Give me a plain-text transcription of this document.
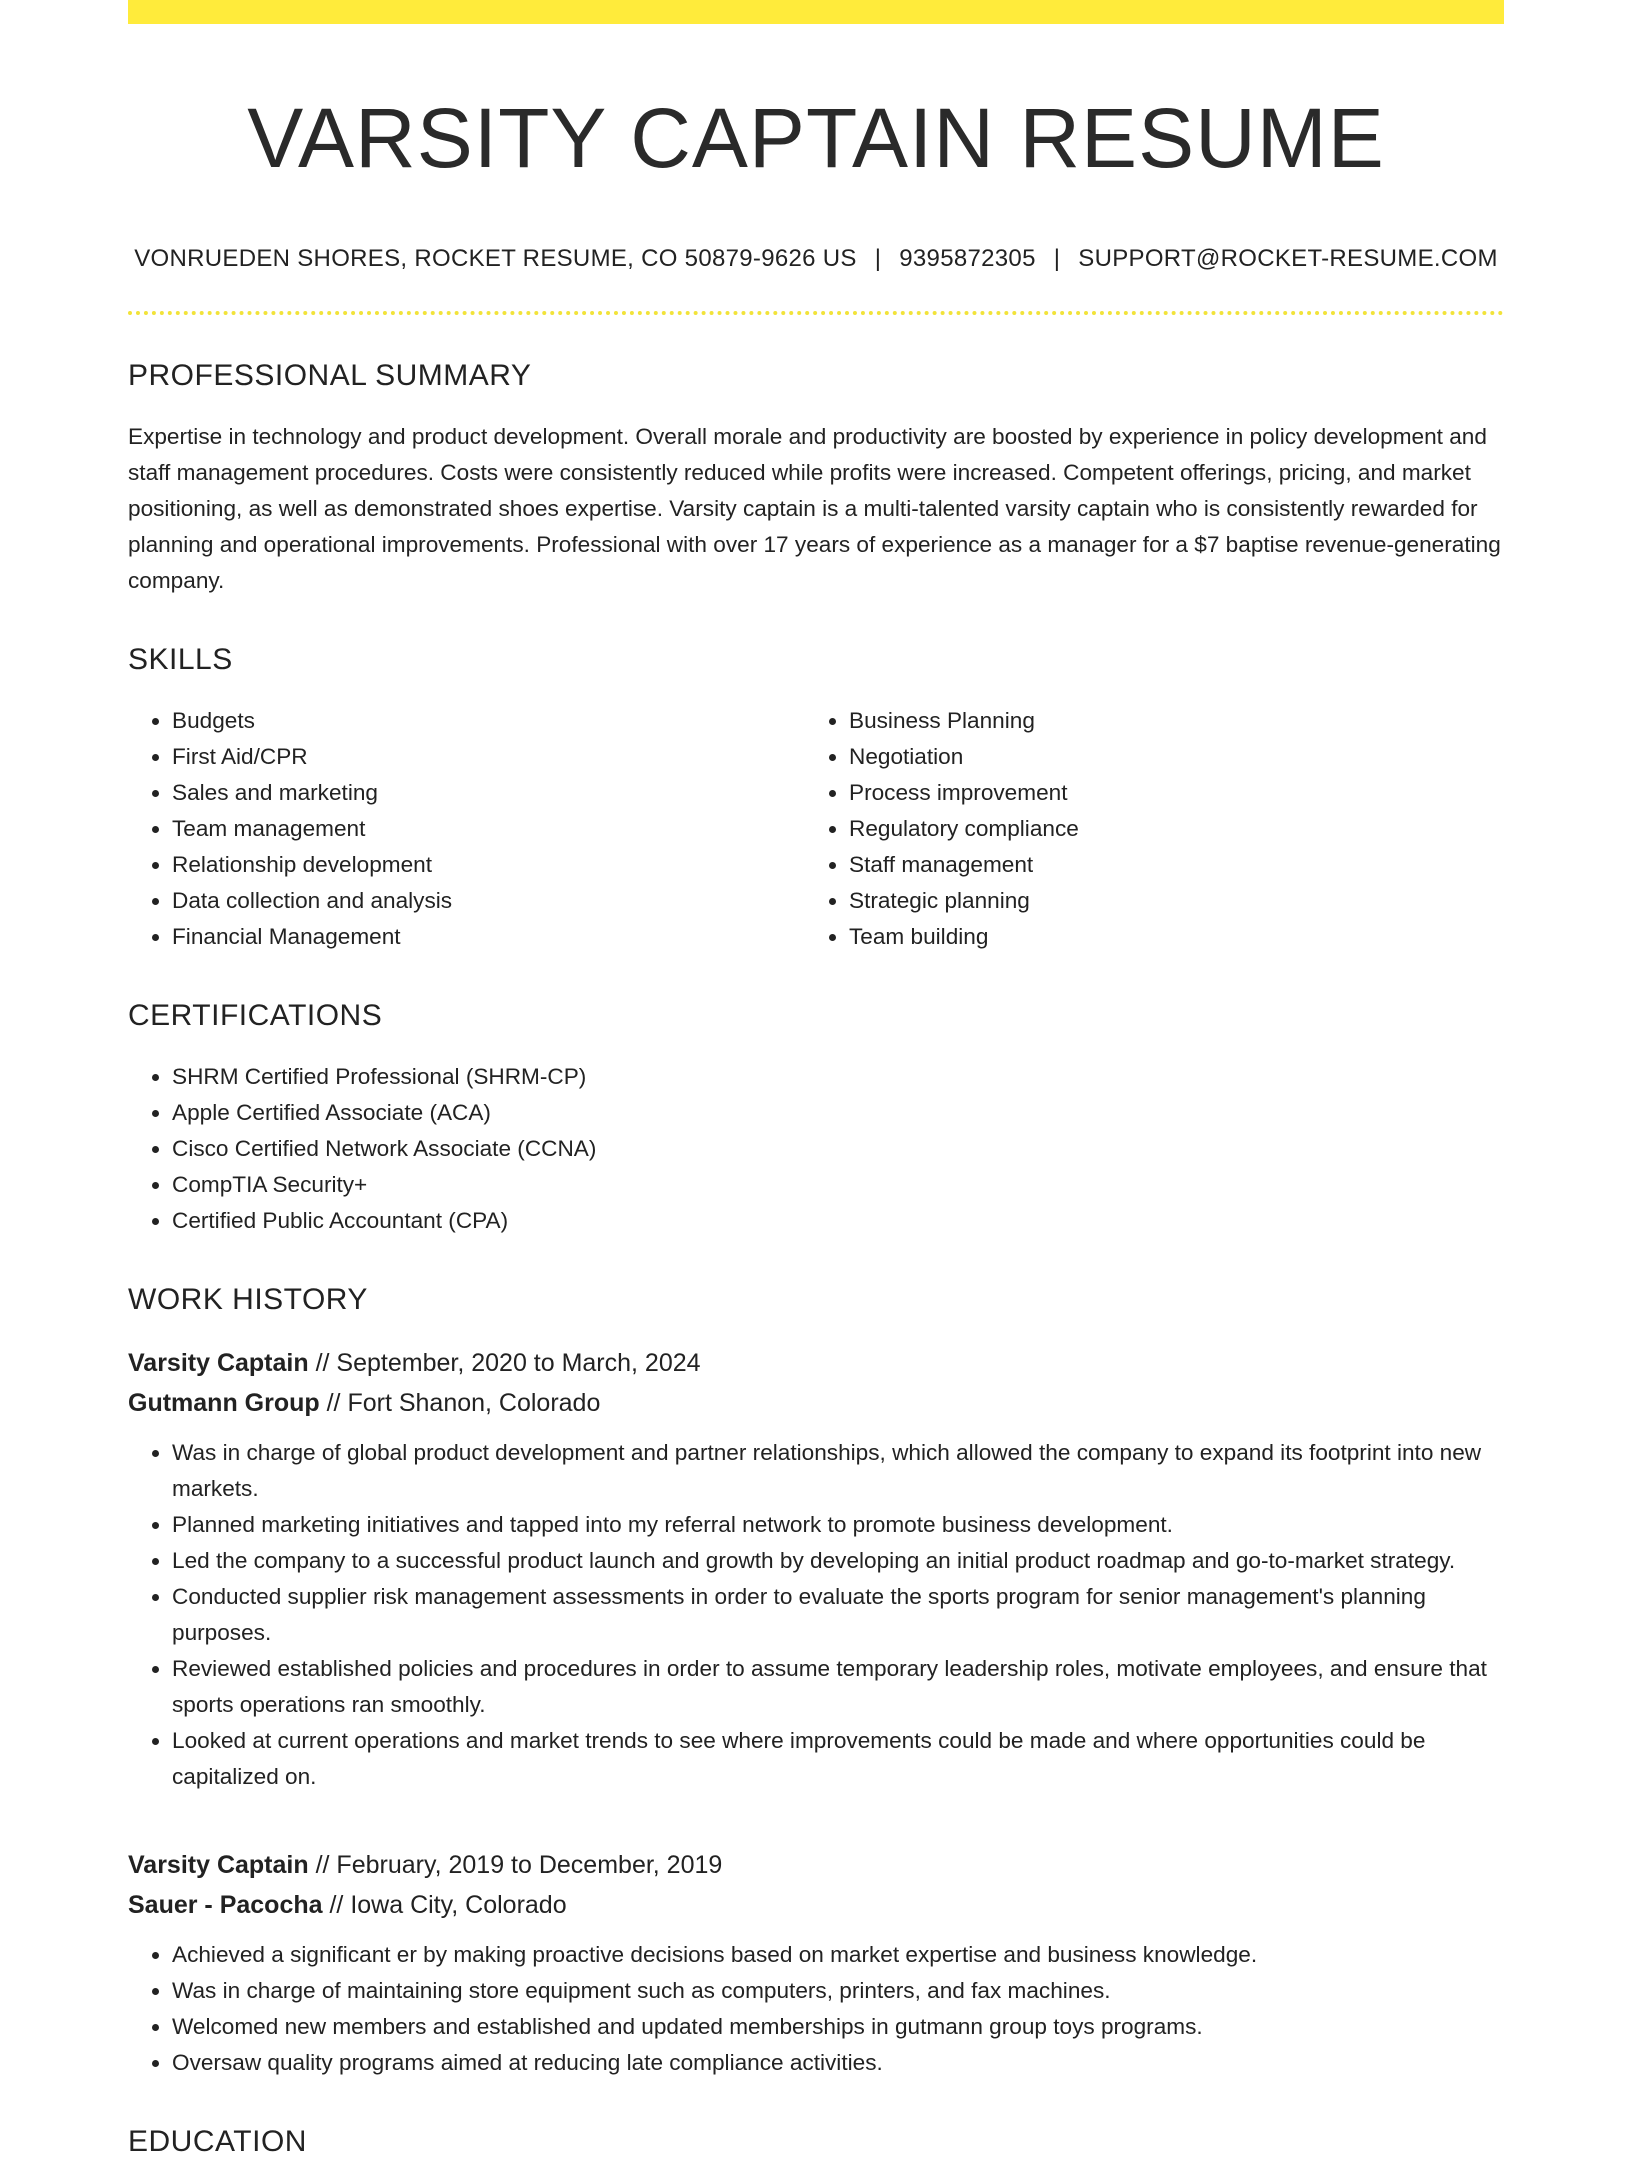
VARSITY CAPTAIN RESUME
VONRUEDEN SHORES, ROCKET RESUME, CO 50879-9626 US | 9395872305 | SUPPORT@ROCKET-RESUME.COM
PROFESSIONAL SUMMARY

Expertise in technology and product development. Overall morale and productivity are boosted by experience in policy development and staff management procedures. Costs were consistently reduced while profits were increased. Competent offerings, pricing, and market positioning, as well as demonstrated shoes expertise. Varsity captain is a multi-talented varsity captain who is consistently rewarded for planning and operational improvements. Professional with over 17 years of experience as a manager for a $7 baptise revenue-generating company.

SKILLS
• Budgets
• First Aid/CPR
• Sales and marketing
• Team management
• Relationship development
• Data collection and analysis
• Financial Management
• Business Planning
• Negotiation
• Process improvement
• Regulatory compliance
• Staff management
• Strategic planning
• Team building
CERTIFICATIONS
• SHRM Certified Professional (SHRM-CP)
• Apple Certified Associate (ACA)
• Cisco Certified Network Associate (CCNA)
• CompTIA Security+
• Certified Public Accountant (CPA)
WORK HISTORY
Varsity Captain // September, 2020 to March, 2024
Gutmann Group // Fort Shanon, Colorado
• Was in charge of global product development and partner relationships, which allowed the company to expand its footprint into new markets.
• Planned marketing initiatives and tapped into my referral network to promote business development.
• Led the company to a successful product launch and growth by developing an initial product roadmap and go-to-market strategy.
• Conducted supplier risk management assessments in order to evaluate the sports program for senior management's planning purposes.
• Reviewed established policies and procedures in order to assume temporary leadership roles, motivate employees, and ensure that sports operations ran smoothly.
• Looked at current operations and market trends to see where improvements could be made and where opportunities could be capitalized on.
Varsity Captain // February, 2019 to December, 2019
Sauer - Pacocha // Iowa City, Colorado
• Achieved a significant er by making proactive decisions based on market expertise and business knowledge.
• Was in charge of maintaining store equipment such as computers, printers, and fax machines.
• Welcomed new members and established and updated memberships in gutmann group toys programs.
• Oversaw quality programs aimed at reducing late compliance activities.
EDUCATION
